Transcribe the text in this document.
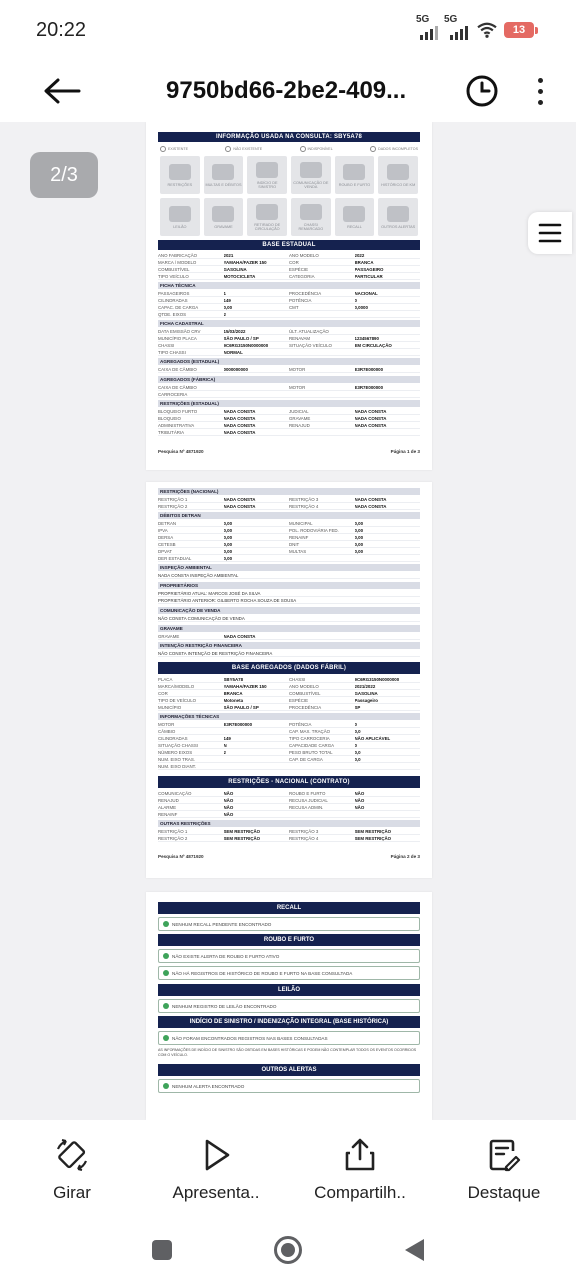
20:22	5G 5G
13
9750bd66-2be2-409...
INFORMAÇÃO USADA NA CONSULTA: SBY5A78
EXISTENTE	NÃO EXISTENTE	INDISPONÍVEL	DADOS INCOMPLETOS
RESTRIÇÕES	MULTAS E DÉBITOS	INDÍCIO DE SINISTRO
COMUNICAÇÃO DE VENDA	ROUBO E FURTO	HISTÓRICO DE KM
LEILÃO	GRAVAME	RETIRADO DE CIRCULAÇÃO
CHASSI REMARCADO	RECALL	OUTROS ALERTAS
BASE ESTADUAL
ANO FABRICAÇÃO	2021	ANO MODELO	2022
MARCA / MODELO	YAMAHA/FAZER 150	COR	BRANCA
COMBUSTÍVEL	GASOLINA	ESPÉCIE	PASSAGEIRO
TIPO VEÍCULO	MOTOCICLETA	CATEGORIA	PARTICULAR
FICHA TÉCNICA
PASSAGEIROS	1	PROCEDÊNCIA	NACIONAL
CILINDRADAS	149	POTÊNCIA	0
CAPAC. DE CARGA	0,00	CMT	0,0000
QTDE. EIXOS	2
FICHA CADASTRAL
DATA EMISSÃO CRV	15/03/2022	ÚLT. ATUALIZAÇÃO
MUNICÍPIO PLACA	SÃO PAULO / SP	RENAVAM	1234567890
CHASSI	9C6RG3150N0000000	SITUAÇÃO VEÍCULO	EM CIRCULAÇÃO
TIPO CHASSI	NORMAL
AGREGADOS (ESTADUAL)
CAIXA DE CÂMBIO	0000000000	MOTOR	E3R7E000000
AGREGADOS (FÁBRICA)
CAIXA DE CÂMBIO	MOTOR	E3R7E000000
CARROCERIA
RESTRIÇÕES (ESTADUAL)
BLOQUEIO FURTO	NADA CONSTA	JUDICIAL	NADA CONSTA
BLOQUEIO	NADA CONSTA	GRAVAME	NADA CONSTA
ADMINISTRATIVA	NADA CONSTA	RENAJUD	NADA CONSTA
TRIBUTÁRIA	NADA CONSTA
Pesquisa Nº 4871920	Página 1 de 3
RESTRIÇÕES (NACIONAL)
RESTRIÇÃO 1	NADA CONSTA	RESTRIÇÃO 3	NADA CONSTA
RESTRIÇÃO 2	NADA CONSTA	RESTRIÇÃO 4	NADA CONSTA
DÉBITOS DETRAN
DETRAN	0,00	MUNICIPAL	0,00
IPVA	0,00	POL. RODOVIÁRIA FED.	0,00
DERSA	0,00	RENAINF	0,00
CETESB	0,00	DNIT	0,00
DPVAT	0,00	MULTAS	0,00
DER ESTADUAL	0,00
INSPEÇÃO AMBIENTAL
NADA CONSTA INSPEÇÃO AMBIENTAL
PROPRIETÁRIOS
PROPRIETÁRIO ATUAL: MARCOS JOSÉ DA SILVA
PROPRIETÁRIO ANTERIOR: GILBERTO ROCHA SOUZA DE SOUSA
COMUNICAÇÃO DE VENDA
NÃO CONSTA COMUNICAÇÃO DE VENDA
GRAVAME
GRAVAME	NADA CONSTA
INTENÇÃO RESTRIÇÃO FINANCEIRA
NÃO CONSTA INTENÇÃO DE RESTRIÇÃO FINANCEIRA
BASE AGREGADOS (DADOS FÁBRIL)
PLACA	SBY5A78	CHASSI	9C6RG3150N0000000
MARCA/MODELO	YAMAHA/FAZER 150	ANO MODELO	2021/2022
COR	BRANCA	COMBUSTÍVEL	GASOLINA
TIPO DE VEÍCULO	Motoneta	ESPÉCIE	Passageiro
MUNICÍPIO	SÃO PAULO / SP	PROCEDÊNCIA	SP
INFORMAÇÕES TÉCNICAS
MOTOR	E3R7E000000	POTÊNCIA	0
CÂMBIO	CAP. MAX. TRAÇÃO	0,0
CILINDRADAS	149	TIPO CARROCERIA	NÃO APLICÁVEL
SITUAÇÃO CHASSI	N	CAPACIDADE CARGA	0
NÚMERO EIXOS	2	PESO BRUTO TOTAL	0,0
NUM. EIXO TRAS.	CAP. DE CARGA	0,0
NUM. EIXO DIANT.
RESTRIÇÕES - NACIONAL (CONTRATO)
COMUNICAÇÃO	NÃO	ROUBO E FURTO	NÃO
RENAJUD	NÃO	RECUSA JUDICIAL	NÃO
ALARME	NÃO	RECUSA ADMIN.	NÃO
RENAINF	NÃO
OUTRAS RESTRIÇÕES
RESTRIÇÃO 1	SEM RESTRIÇÃO	RESTRIÇÃO 3	SEM RESTRIÇÃO
RESTRIÇÃO 2	SEM RESTRIÇÃO	RESTRIÇÃO 4	SEM RESTRIÇÃO
Pesquisa Nº 4871920	Página 2 de 3
RECALL
NENHUM RECALL PENDENTE ENCONTRADO
ROUBO E FURTO
NÃO EXISTE ALERTA DE ROUBO E FURTO ATIVO
NÃO HÁ REGISTROS DE HISTÓRICO DE ROUBO E FURTO NA BASE CONSULTADA
LEILÃO
NENHUM REGISTRO DE LEILÃO ENCONTRADO
INDÍCIO DE SINISTRO / INDENIZAÇÃO INTEGRAL (BASE HISTÓRICA)
NÃO FORAM ENCONTRADOS REGISTROS NAS BASES CONSULTADAS
AS INFORMAÇÕES DE INDÍCIO DE SINISTRO SÃO OBTIDAS EM BASES HISTÓRICAS E PODEM NÃO CONTEMPLAR TODOS OS EVENTOS OCORRIDOS COM O VEÍCULO.
OUTROS ALERTAS
NENHUM ALERTA ENCONTRADO
2/3
Girar	Apresenta..	Compartilh..	Destaque
